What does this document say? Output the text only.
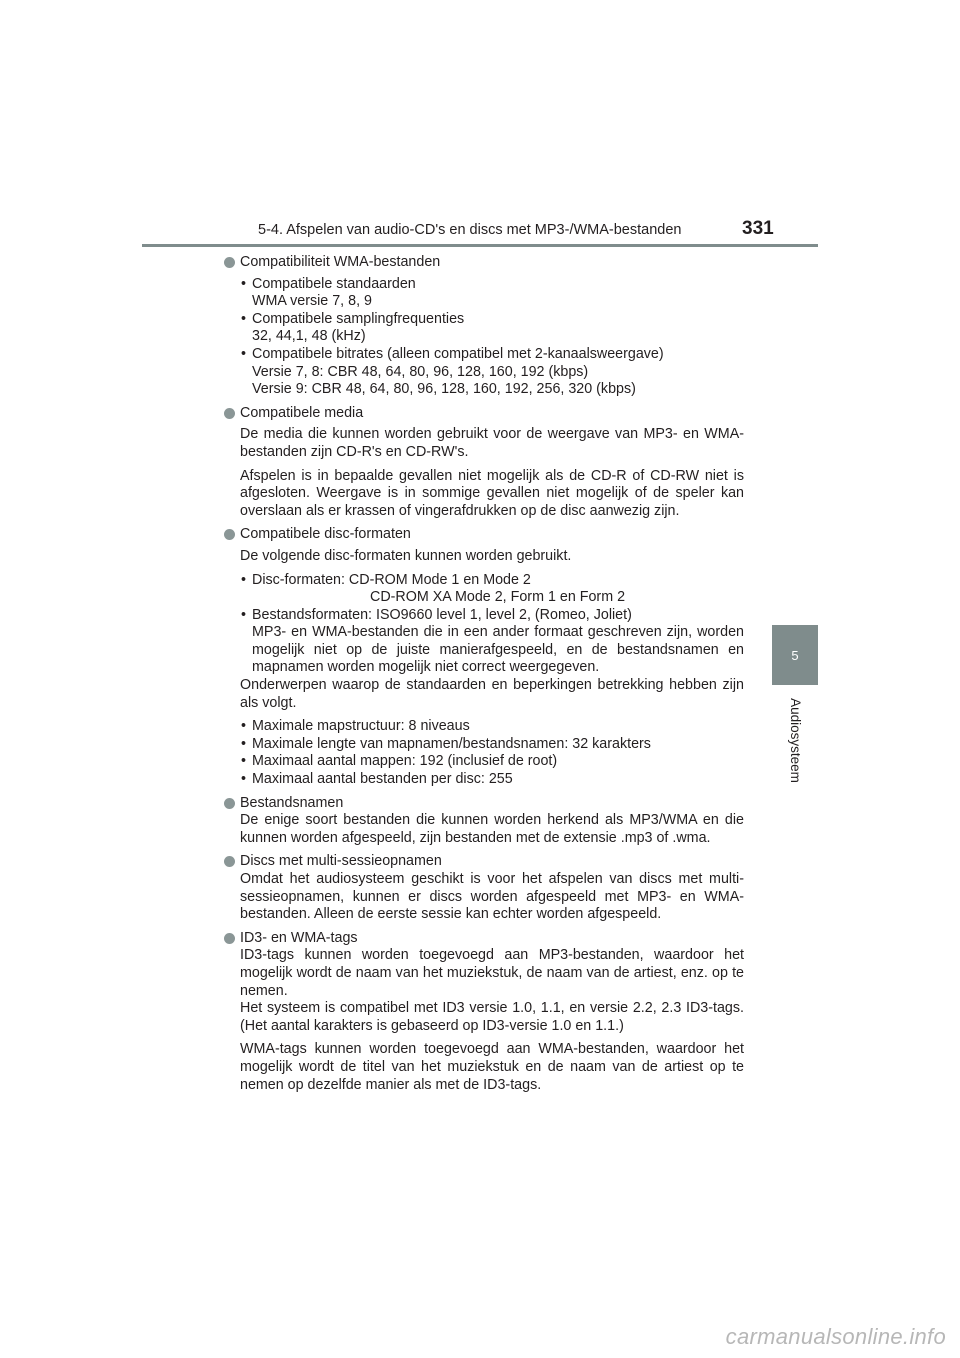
5-4. Afspelen van audio-CD's en discs met MP3-/WMA-bestanden	331
5
Audiosysteem
Compatibiliteit WMA-bestanden
• Compatibele standaarden
WMA versie 7, 8, 9
• Compatibele samplingfrequenties
32, 44,1, 48 (kHz)
• Compatibele bitrates (alleen compatibel met 2-kanaalsweergave)
Versie 7, 8: CBR 48, 64, 80, 96, 128, 160, 192 (kbps)
Versie 9: CBR 48, 64, 80, 96, 128, 160, 192, 256, 320 (kbps)
Compatibele media
De media die kunnen worden gebruikt voor de weergave van MP3- en WMA-bestanden zijn CD-R's en CD-RW's.
Afspelen is in bepaalde gevallen niet mogelijk als de CD-R of CD-RW niet is afgesloten. Weergave is in sommige gevallen niet mogelijk of de speler kan overslaan als er krassen of vingerafdrukken op de disc aanwezig zijn.
Compatibele disc-formaten
De volgende disc-formaten kunnen worden gebruikt.
• Disc-formaten: CD-ROM Mode 1 en Mode 2
CD-ROM XA Mode 2, Form 1 en Form 2
• Bestandsformaten: ISO9660 level 1, level 2, (Romeo, Joliet)
MP3- en WMA-bestanden die in een ander formaat geschreven zijn, worden mogelijk niet op de juiste manierafgespeeld, en de bestandsnamen en mapnamen worden mogelijk niet correct weergegeven.
Onderwerpen waarop de standaarden en beperkingen betrekking hebben zijn als volgt.
• Maximale mapstructuur: 8 niveaus
• Maximale lengte van mapnamen/bestandsnamen: 32 karakters
• Maximaal aantal mappen: 192 (inclusief de root)
• Maximaal aantal bestanden per disc: 255
Bestandsnamen
De enige soort bestanden die kunnen worden herkend als MP3/WMA en die kunnen worden afgespeeld, zijn bestanden met de extensie .mp3 of .wma.
Discs met multi-sessieopnamen
Omdat het audiosysteem geschikt is voor het afspelen van discs met multi-sessieopnamen, kunnen er discs worden afgespeeld met MP3- en WMA-bestanden. Alleen de eerste sessie kan echter worden afgespeeld.
ID3- en WMA-tags
ID3-tags kunnen worden toegevoegd aan MP3-bestanden, waardoor het mogelijk wordt de naam van het muziekstuk, de naam van de artiest, enz. op te nemen.
Het systeem is compatibel met ID3 versie 1.0, 1.1, en versie 2.2, 2.3 ID3-tags. (Het aantal karakters is gebaseerd op ID3-versie 1.0 en 1.1.)
WMA-tags kunnen worden toegevoegd aan WMA-bestanden, waardoor het mogelijk wordt de titel van het muziekstuk en de naam van de artiest op te nemen op dezelfde manier als met de ID3-tags.
carmanualsonline.info
